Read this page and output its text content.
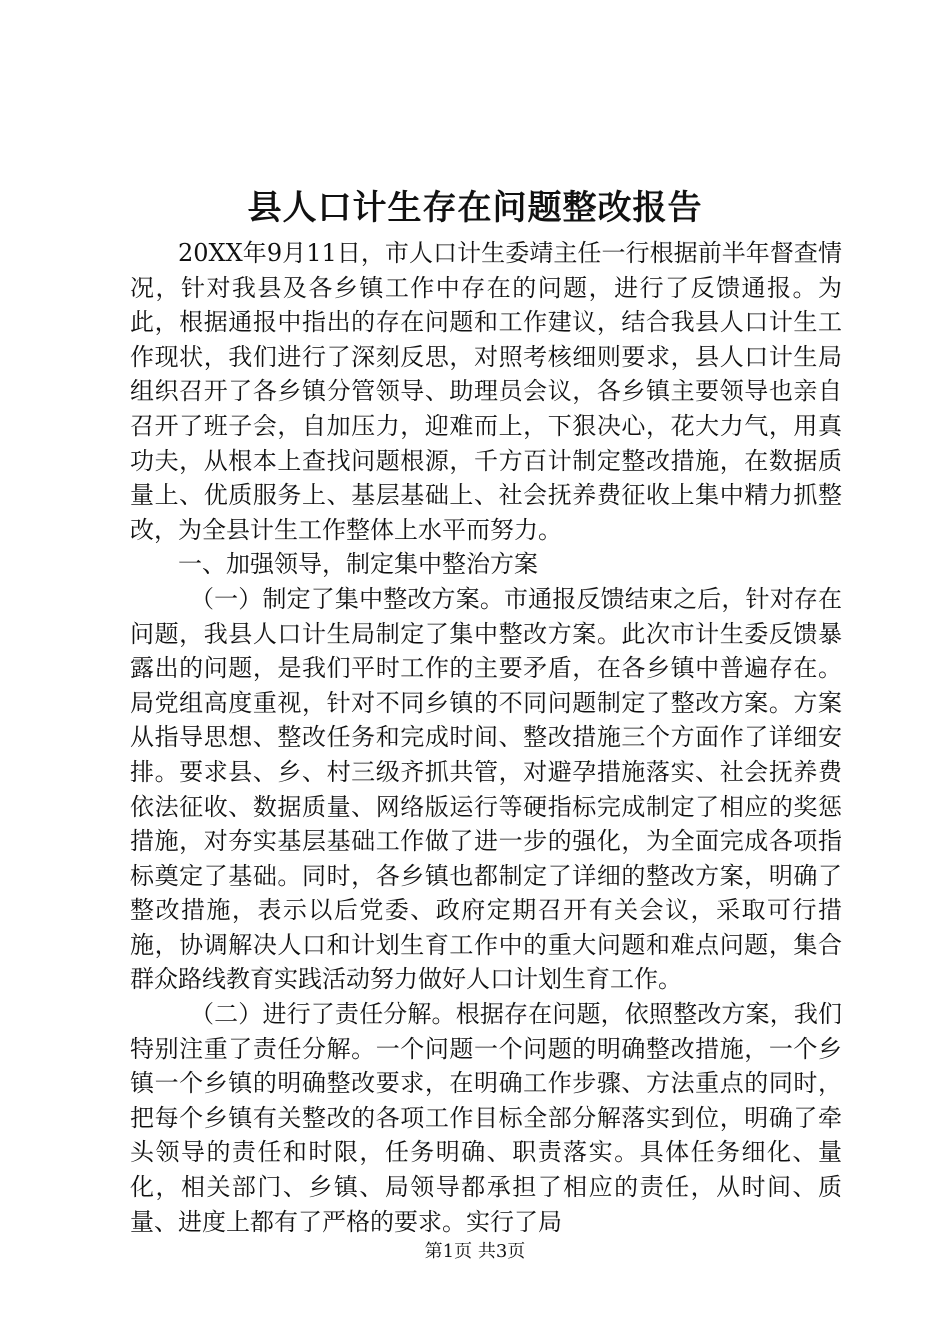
县人口计生存在问题整改报告

20XX年9月11日，市人口计生委靖主任一行根据前半年督查情况，针对我县及各乡镇工作中存在的问题，进行了反馈通报。为此，根据通报中指出的存在问题和工作建议，结合我县人口计生工作现状，我们进行了深刻反思，对照考核细则要求，县人口计生局组织召开了各乡镇分管领导、助理员会议，各乡镇主要领导也亲自召开了班子会，自加压力，迎难而上，下狠决心，花大力气，用真功夫，从根本上查找问题根源，千方百计制定整改措施，在数据质量上、优质服务上、基层基础上、社会抚养费征收上集中精力抓整改，为全县计生工作整体上水平而努力。

一、加强领导，制定集中整治方案

（一）制定了集中整改方案。市通报反馈结束之后，针对存在问题，我县人口计生局制定了集中整改方案。此次市计生委反馈暴露出的问题，是我们平时工作的主要矛盾，在各乡镇中普遍存在。局党组高度重视，针对不同乡镇的不同问题制定了整改方案。方案从指导思想、整改任务和完成时间、整改措施三个方面作了详细安排。要求县、乡、村三级齐抓共管，对避孕措施落实、社会抚养费依法征收、数据质量、网络版运行等硬指标完成制定了相应的奖惩措施，对夯实基层基础工作做了进一步的强化，为全面完成各项指标奠定了基础。同时，各乡镇也都制定了详细的整改方案，明确了整改措施，表示以后党委、政府定期召开有关会议，采取可行措施，协调解决人口和计划生育工作中的重大问题和难点问题，集合群众路线教育实践活动努力做好人口计划生育工作。

（二）进行了责任分解。根据存在问题，依照整改方案，我们特别注重了责任分解。一个问题一个问题的明确整改措施，一个乡镇一个乡镇的明确整改要求，在明确工作步骤、方法重点的同时，把每个乡镇有关整改的各项工作目标全部分解落实到位，明确了牵头领导的责任和时限，任务明确、职责落实。具体任务细化、量化，相关部门、乡镇、局领导都承担了相应的责任，从时间、质量、进度上都有了严格的要求。实行了局

第1页 共3页
